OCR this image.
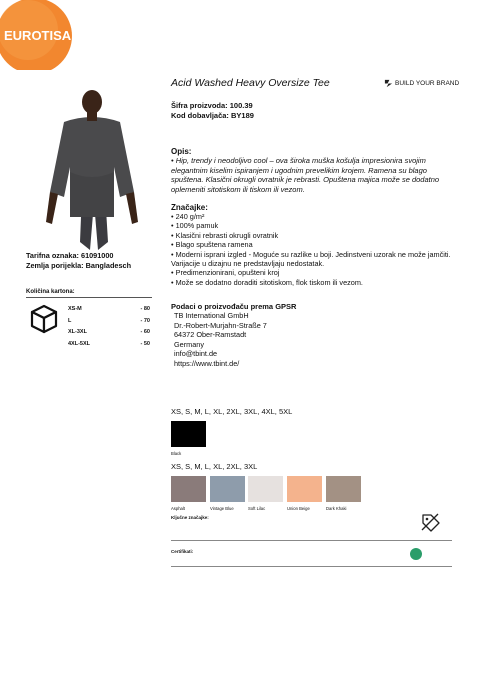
EUROTISAK
Acid Washed Heavy Oversize Tee	BUILD YOUR BRAND
Šifra proizvoda: 100.39
Kod dobavljača: BY189
Opis:
• Hip, trendy i neodoljivo cool – ova široka muška košulja impresionira svojim elegantnim kiselim ispiranjem i ugodnim prevelikim krojem. Ramena su blago spuštena. Klasični okrugli ovratnik je rebrasti. Opuštena majica može se dodatno oplemeniti sitotiskom ili tiskom ili vezom.
Značajke:
• 240 g/m²
• 100% pamuk
• Klasični rebrasti okrugli ovratnik
• Blago spuštena ramena
• Moderni isprani izgled - Moguće su razlike u boji. Jedinstveni uzorak ne može jamčiti. Varijacije u dizajnu ne predstavljaju nedostatak.
• Predimenzionirani, opušteni kroj
• Može se dodatno doraditi sitotiskom, flok tiskom ili vezom.
Tarifna oznaka: 61091000
Zemlja porijekla: Bangladesch
Količina kartona:
XS-M	- 80
L	- 70
XL-3XL	- 60
4XL-5XL	- 50
Podaci o proizvođaču prema GPSR
TB International GmbH
Dr.-Robert-Murjahn-Straße 7
64372 Ober-Ramstadt
Germany
info@tbint.de
https://www.tbint.de/
XS, S, M, L, XL, 2XL, 3XL, 4XL, 5XL
Black
XS, S, M, L, XL, 2XL, 3XL
Asphalt	Vintage Blue	Soft Lilac	Union Beige	Dark Khaki
Ključne značajke:
Certifikati:
